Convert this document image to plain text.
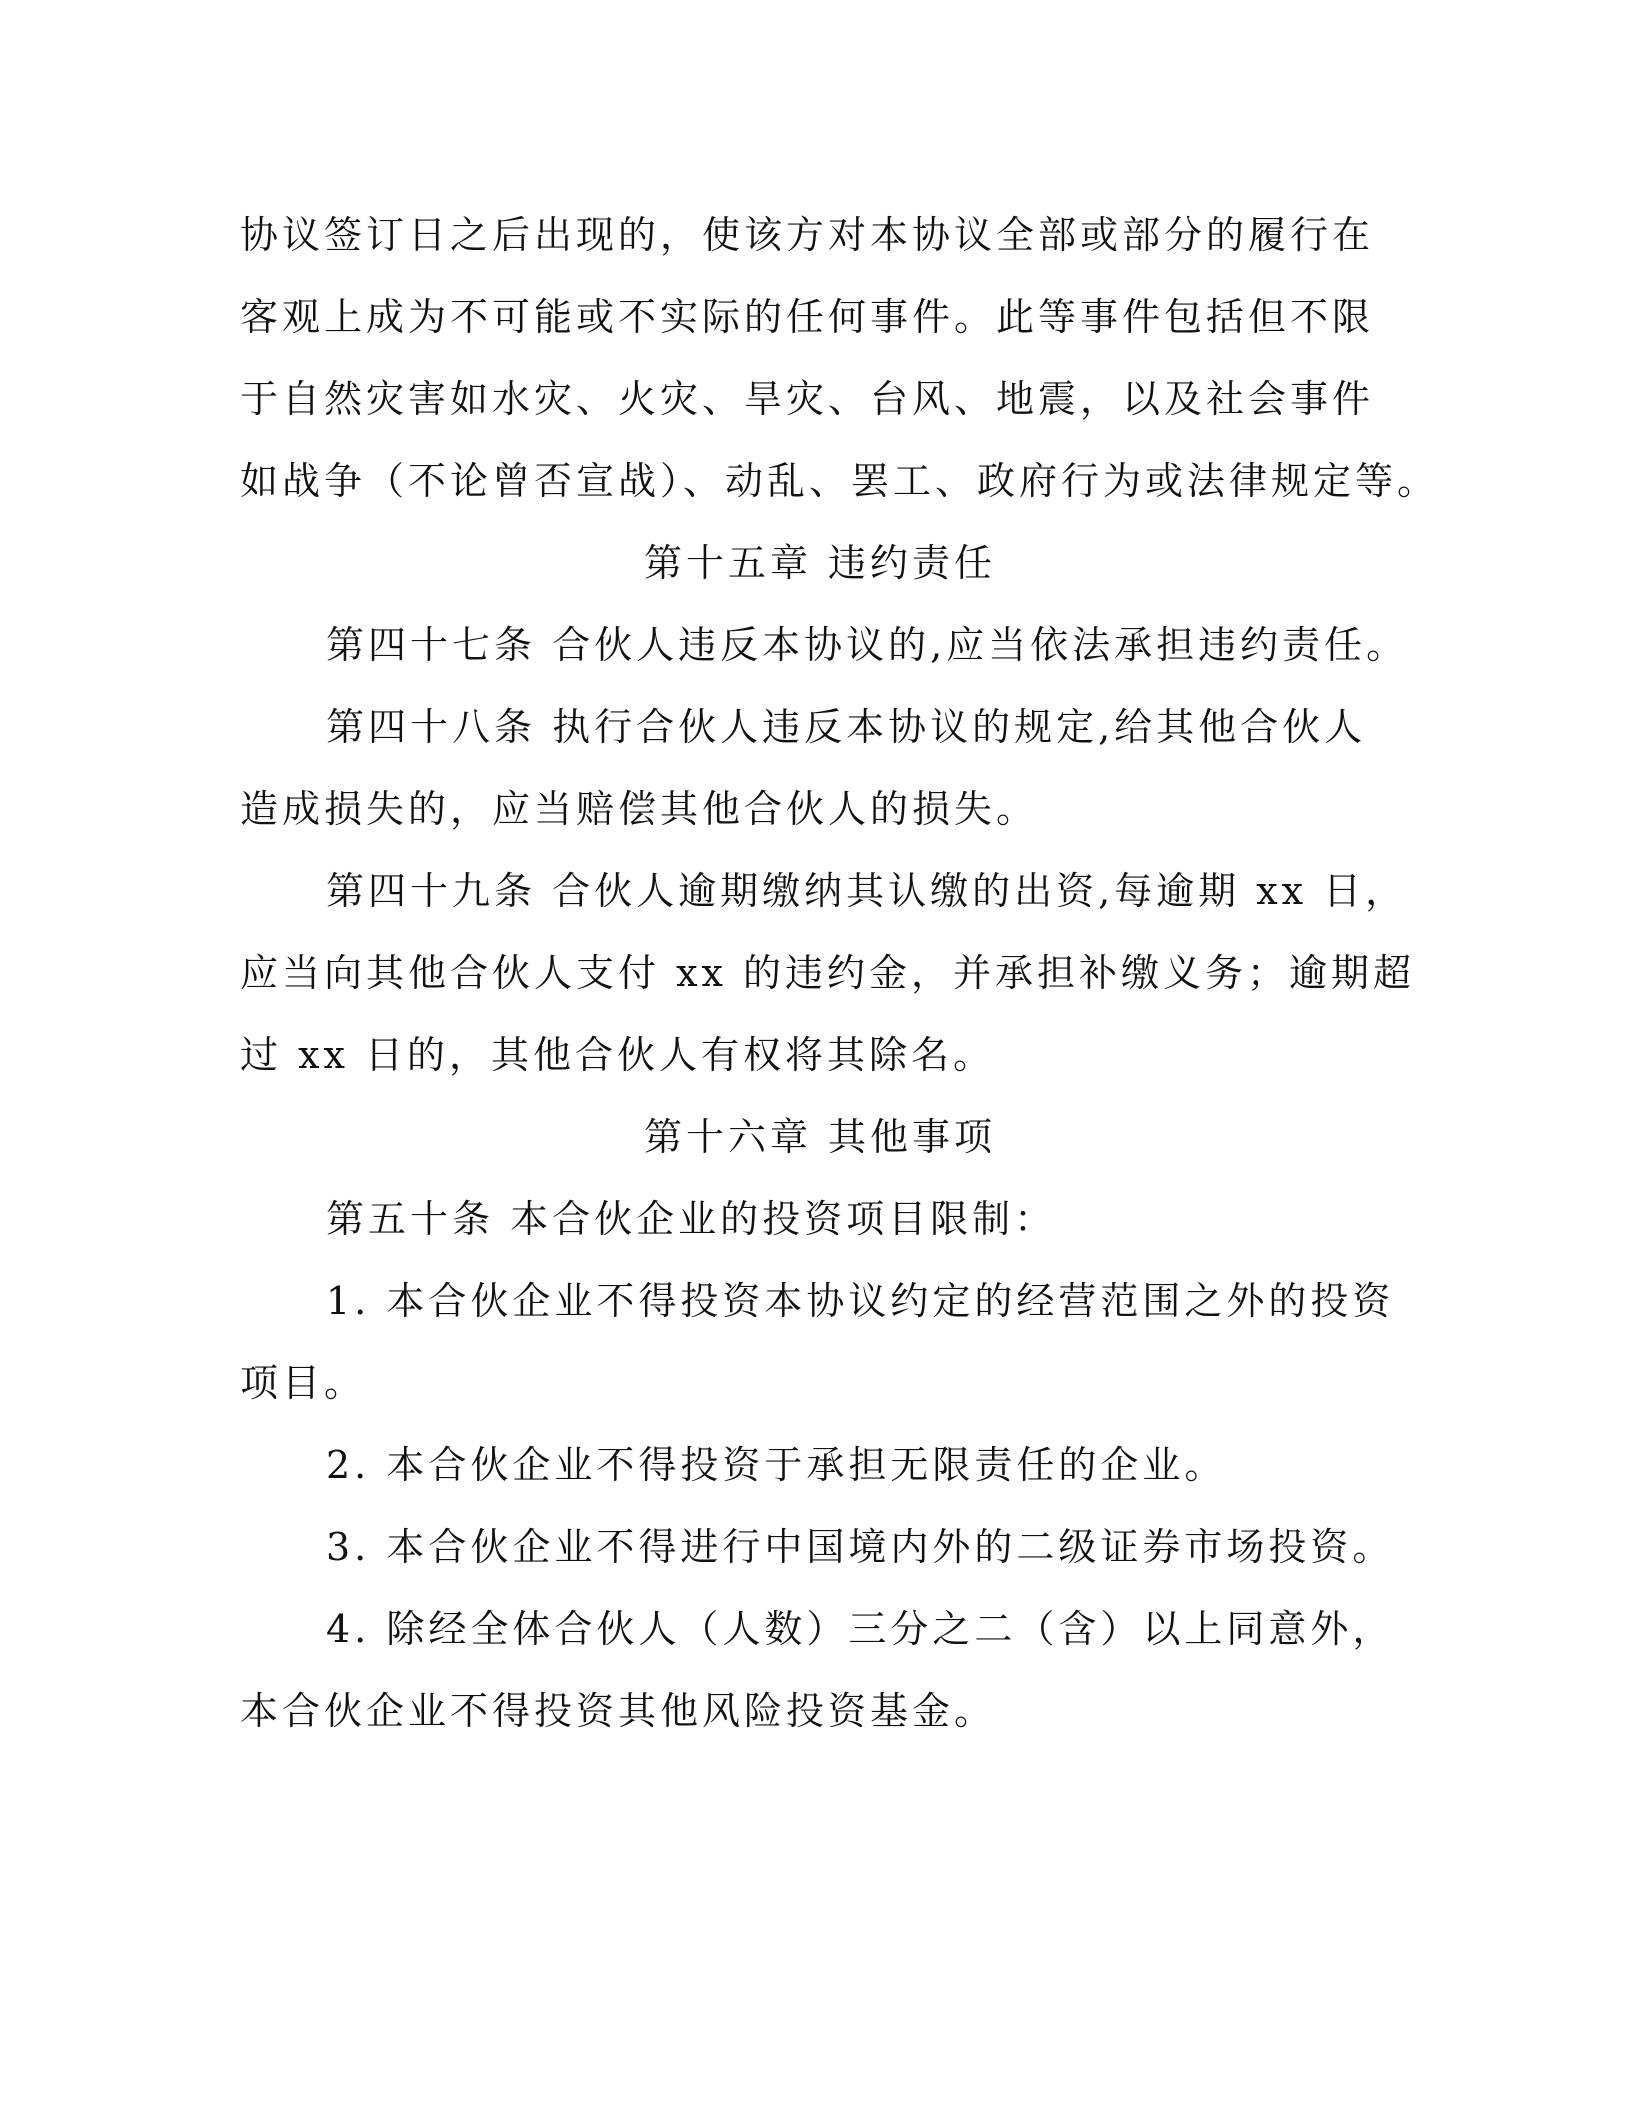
协议签订日之后出现的，使该方对本协议全部或部分的履行在
客观上成为不可能或不实际的任何事件。此等事件包括但不限
于自然灾害如水灾、火灾、旱灾、台风、地震，以及社会事件
如战争（不论曾否宣战）、动乱、罢工、政府行为或法律规定等。
第十五章 违约责任
第四十七条 合伙人违反本协议的,应当依法承担违约责任。
第四十八条 执行合伙人违反本协议的规定,给其他合伙人
造成损失的，应当赔偿其他合伙人的损失。
第四十九条 合伙人逾期缴纳其认缴的出资,每逾期 xx 日，
应当向其他合伙人支付 xx 的违约金，并承担补缴义务；逾期超
过 xx 日的，其他合伙人有权将其除名。
第十六章 其他事项
第五十条 本合伙企业的投资项目限制：
1. 本合伙企业不得投资本协议约定的经营范围之外的投资
项目。
2. 本合伙企业不得投资于承担无限责任的企业。
3. 本合伙企业不得进行中国境内外的二级证券市场投资。
4. 除经全体合伙人（人数）三分之二（含）以上同意外，
本合伙企业不得投资其他风险投资基金。
